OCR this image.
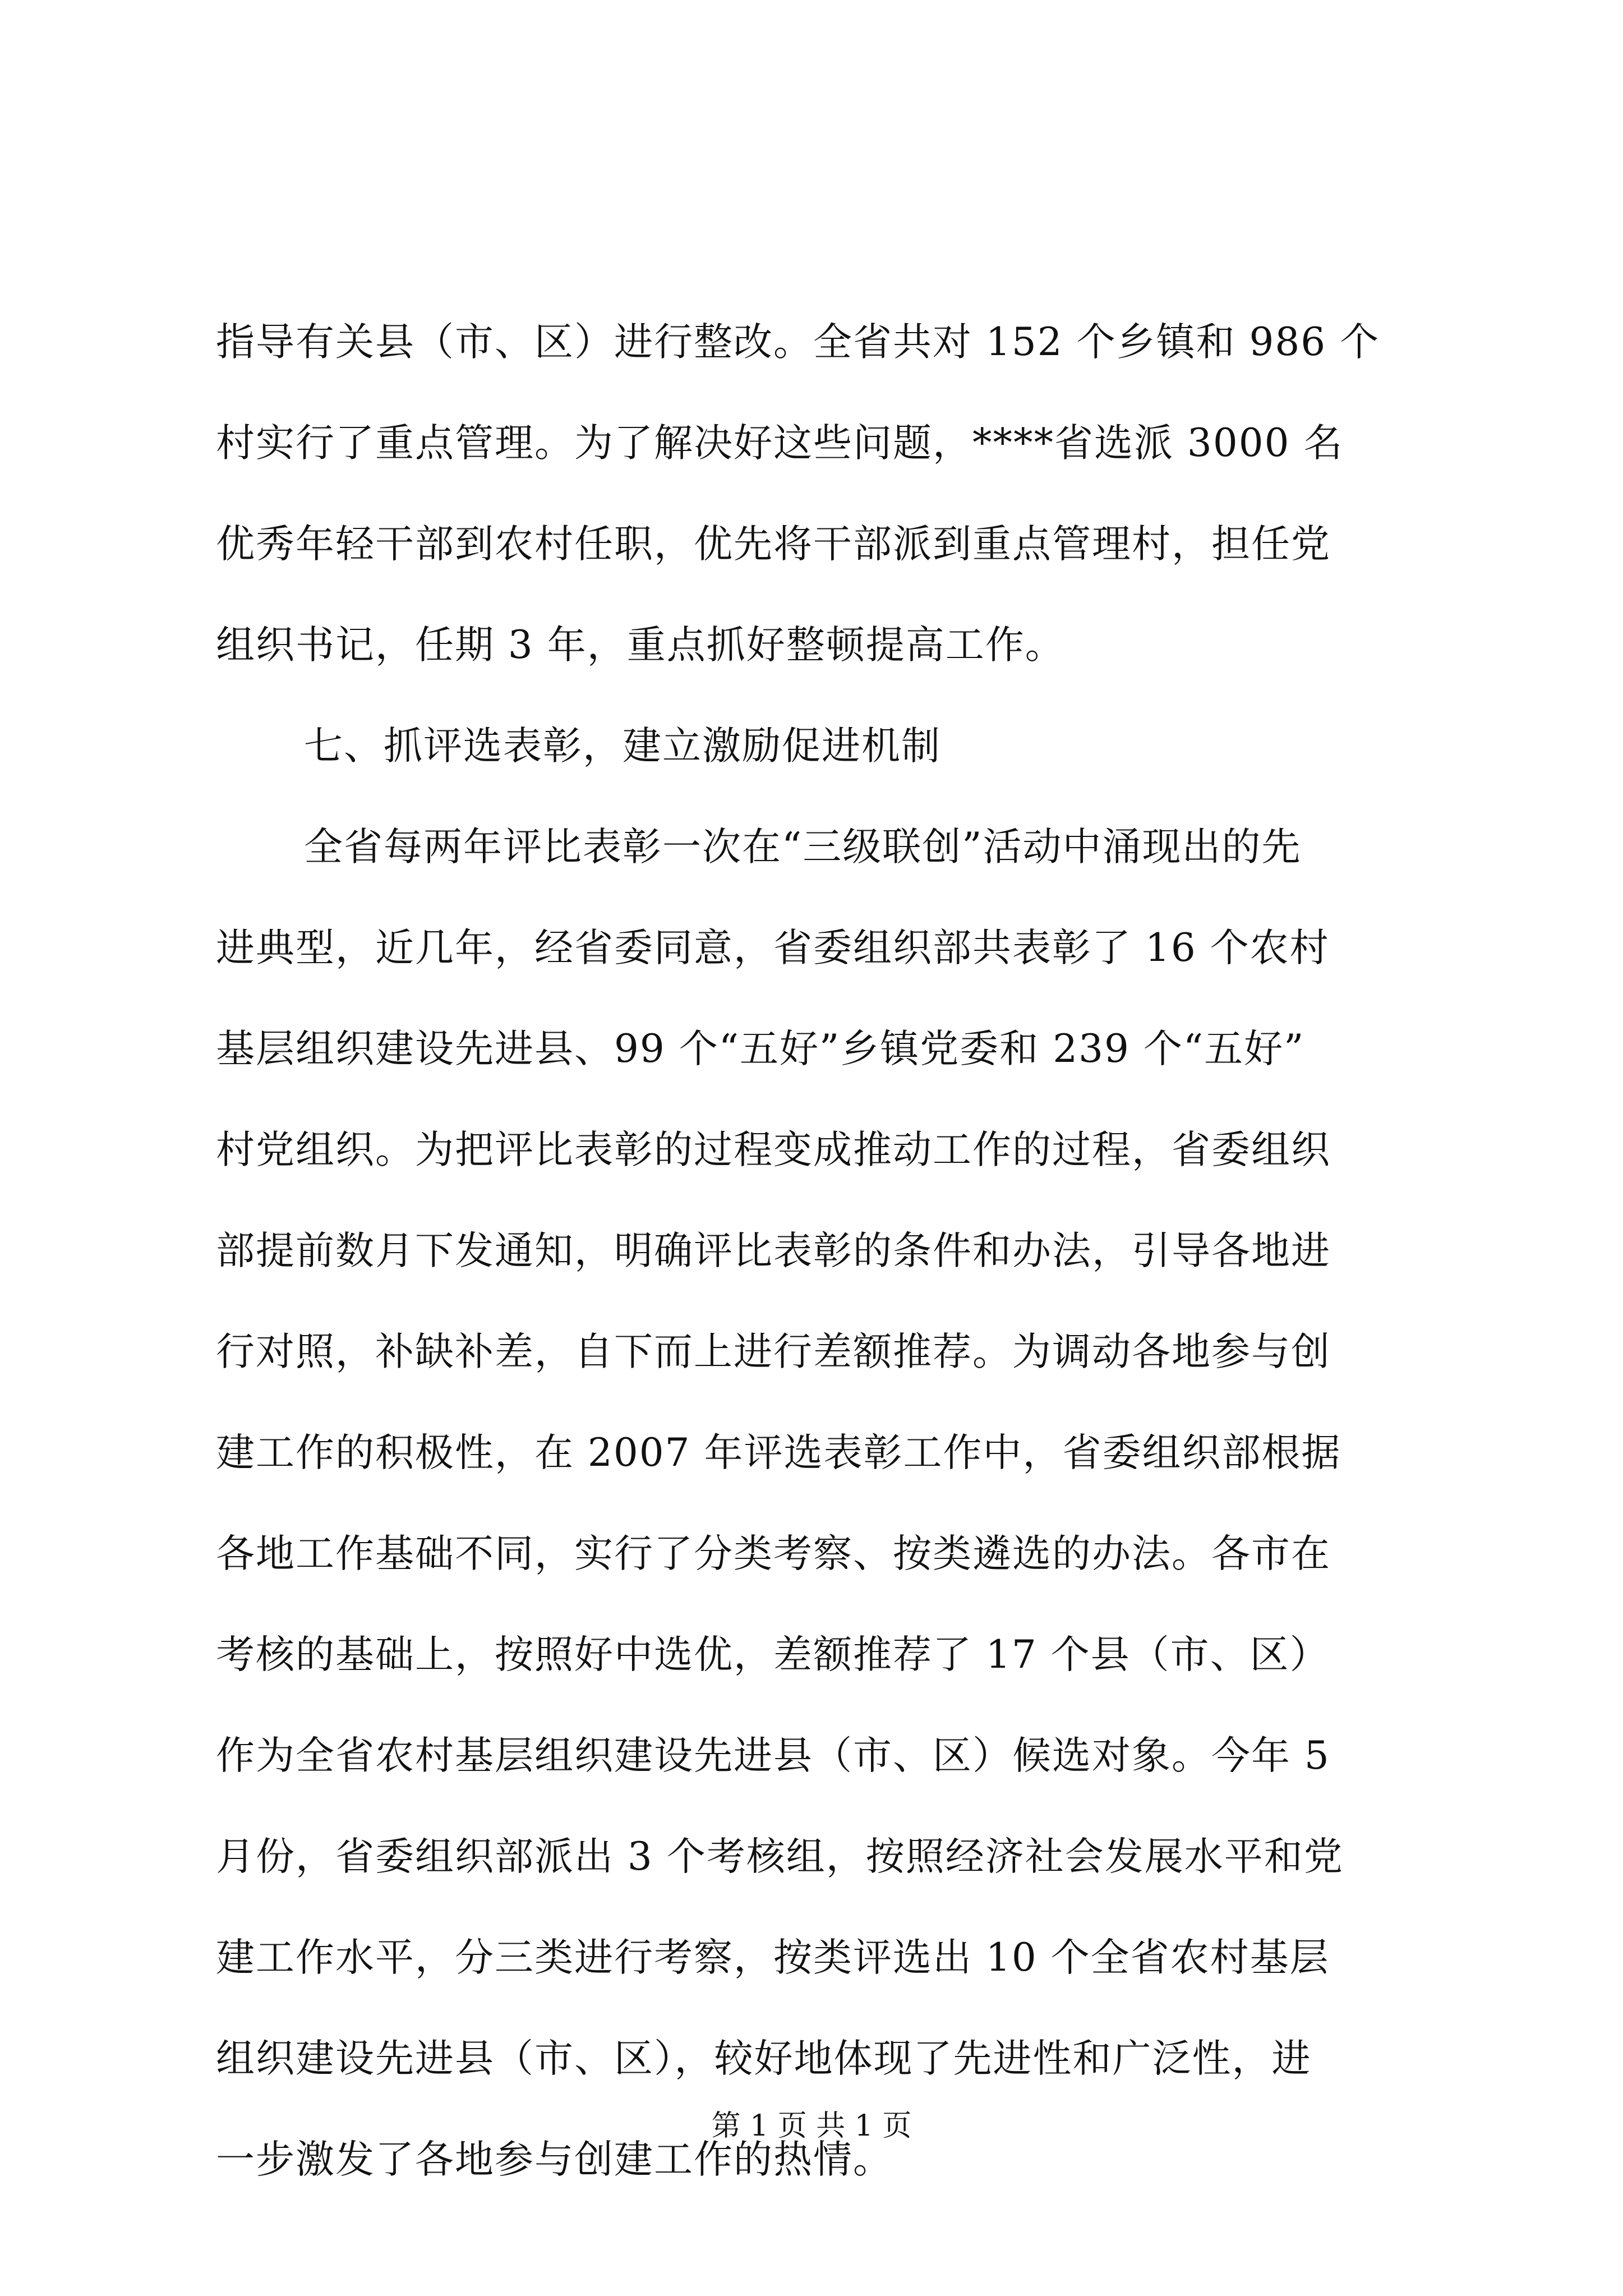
指导有关县（市、区）进行整改。全省共对 152 个乡镇和 986 个
村实行了重点管理。为了解决好这些问题，****省选派 3000 名
优秀年轻干部到农村任职，优先将干部派到重点管理村，担任党
组织书记，任期 3 年，重点抓好整顿提高工作。
七、抓评选表彰，建立激励促进机制
全省每两年评比表彰一次在“三级联创”活动中涌现出的先
进典型，近几年，经省委同意，省委组织部共表彰了 16 个农村
基层组织建设先进县、99 个“五好”乡镇党委和 239 个“五好”
村党组织。为把评比表彰的过程变成推动工作的过程，省委组织
部提前数月下发通知，明确评比表彰的条件和办法，引导各地进
行对照，补缺补差，自下而上进行差额推荐。为调动各地参与创
建工作的积极性，在 2007 年评选表彰工作中，省委组织部根据
各地工作基础不同，实行了分类考察、按类遴选的办法。各市在
考核的基础上，按照好中选优，差额推荐了 17 个县（市、区）
作为全省农村基层组织建设先进县（市、区）候选对象。今年 5
月份，省委组织部派出 3 个考核组，按照经济社会发展水平和党
建工作水平，分三类进行考察，按类评选出 10 个全省农村基层
组织建设先进县（市、区），较好地体现了先进性和广泛性，进
一步激发了各地参与创建工作的热情。
第 1 页 共 1 页
